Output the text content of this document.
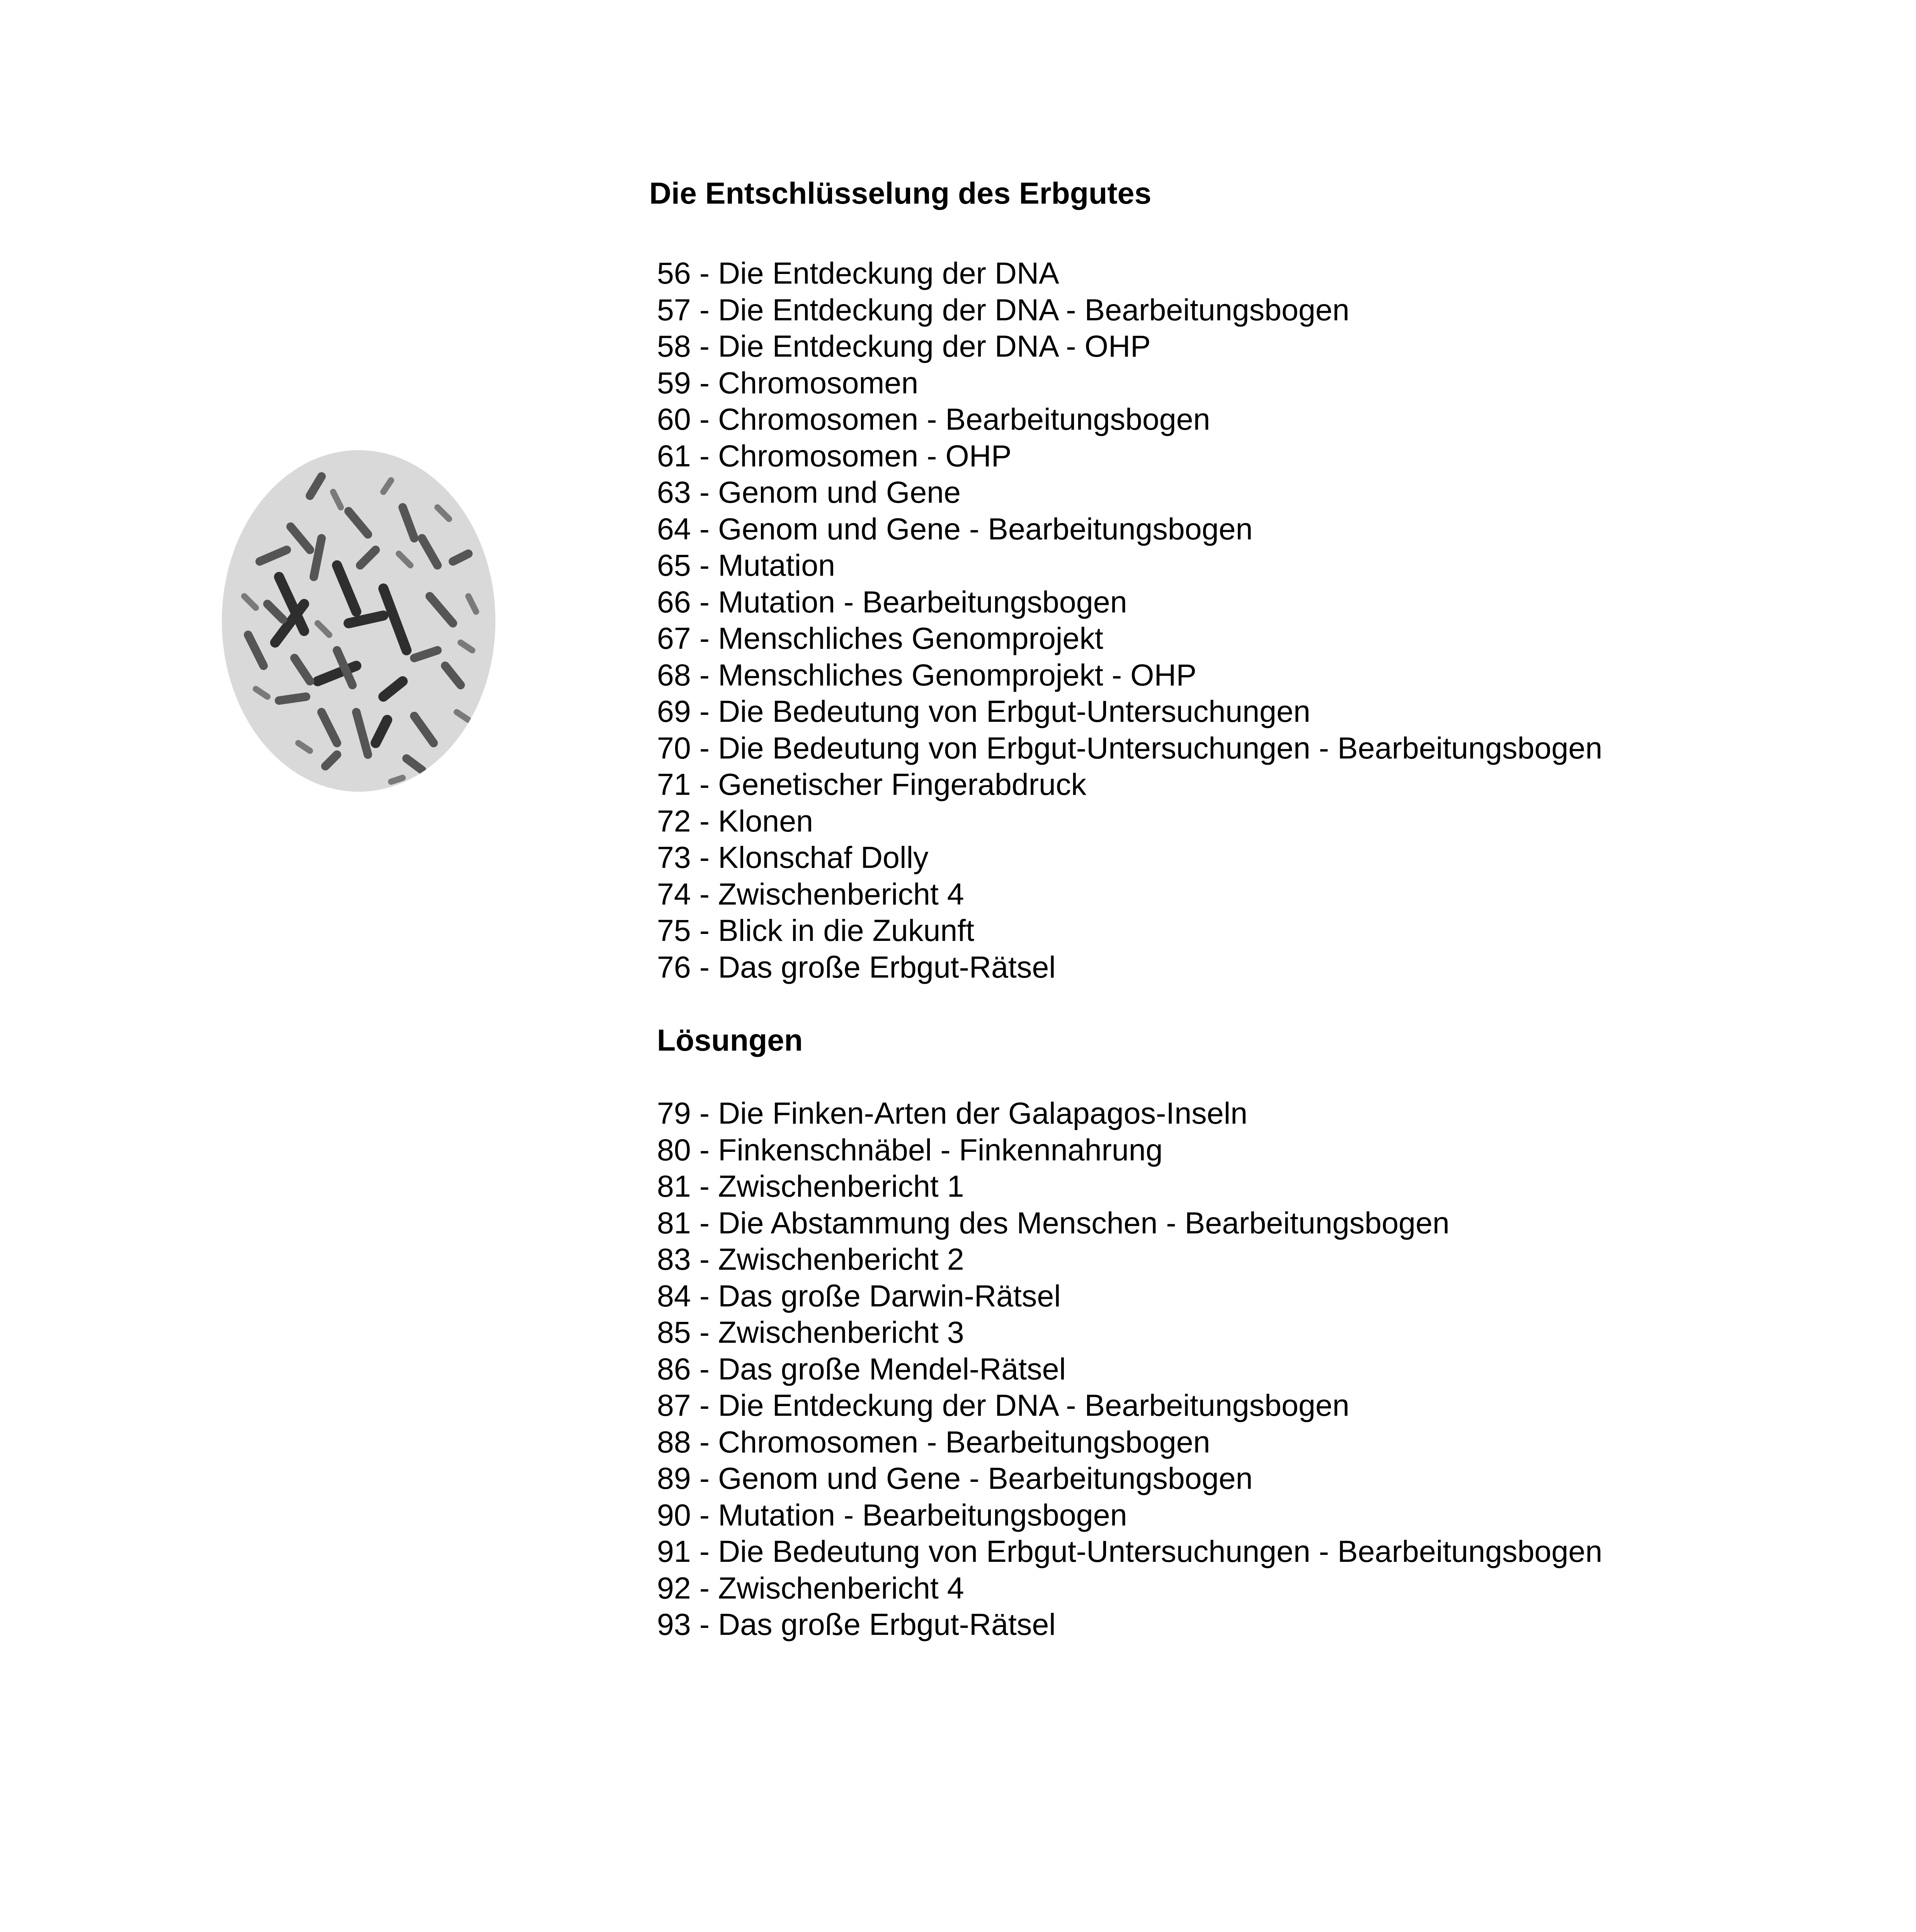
Die Entschlüsselung des Erbgutes
56 - Die Entdeckung der DNA
57 - Die Entdeckung der DNA - Bearbeitungsbogen
58 - Die Entdeckung der DNA - OHP
59 - Chromosomen
60 - Chromosomen - Bearbeitungsbogen
61 - Chromosomen - OHP
63 - Genom und Gene
64 - Genom und Gene - Bearbeitungsbogen
65 - Mutation
66 - Mutation - Bearbeitungsbogen
67 - Menschliches Genomprojekt
68 - Menschliches Genomprojekt - OHP
69 - Die Bedeutung von Erbgut-Untersuchungen
70 - Die Bedeutung von Erbgut-Untersuchungen - Bearbeitungsbogen
71 - Genetischer Fingerabdruck
72 - Klonen
73 - Klonschaf Dolly
74 - Zwischenbericht 4
75 - Blick in die Zukunft
76 - Das große Erbgut-Rätsel
Lösungen
79 - Die Finken-Arten der Galapagos-Inseln
80 - Finkenschnäbel - Finkennahrung
81 - Zwischenbericht 1
81 - Die Abstammung des Menschen - Bearbeitungsbogen
83 - Zwischenbericht 2
84 - Das große Darwin-Rätsel
85 - Zwischenbericht 3
86 - Das große Mendel-Rätsel
87 - Die Entdeckung der DNA - Bearbeitungsbogen
88 - Chromosomen - Bearbeitungsbogen
89 - Genom und Gene - Bearbeitungsbogen
90 - Mutation - Bearbeitungsbogen
91 - Die Bedeutung von Erbgut-Untersuchungen - Bearbeitungsbogen
92 - Zwischenbericht 4
93 - Das große Erbgut-Rätsel
